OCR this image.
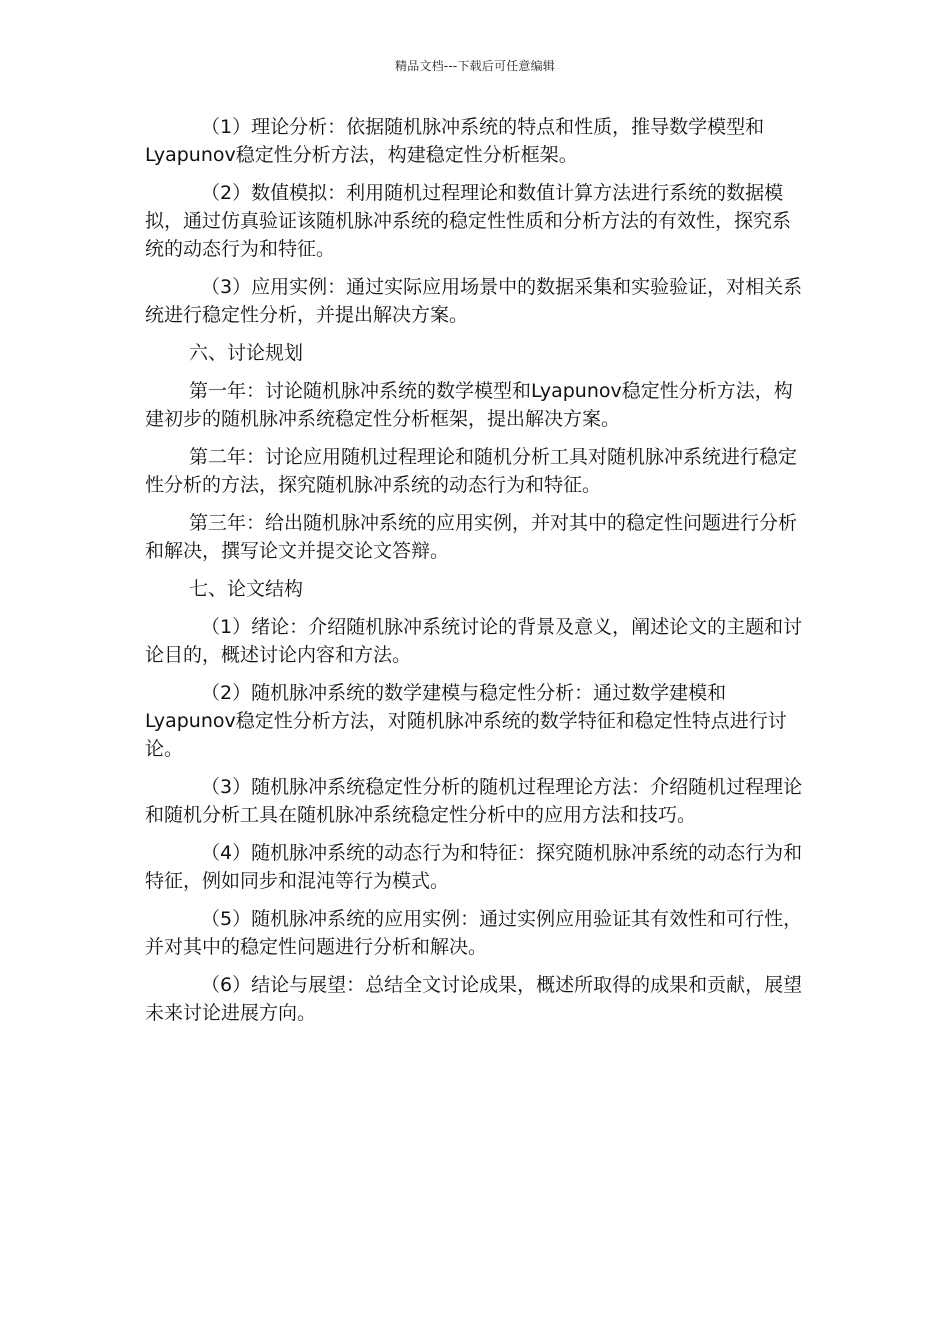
精品文档---下载后可任意编辑

（1）理论分析：依据随机脉冲系统的特点和性质，推导数学模型和Lyapunov稳定性分析方法，构建稳定性分析框架。

（2）数值模拟：利用随机过程理论和数值计算方法进行系统的数据模拟，通过仿真验证该随机脉冲系统的稳定性性质和分析方法的有效性，探究系统的动态行为和特征。

（3）应用实例：通过实际应用场景中的数据采集和实验验证，对相关系统进行稳定性分析，并提出解决方案。

六、讨论规划

第一年：讨论随机脉冲系统的数学模型和Lyapunov稳定性分析方法，构建初步的随机脉冲系统稳定性分析框架，提出解决方案。

第二年：讨论应用随机过程理论和随机分析工具对随机脉冲系统进行稳定性分析的方法，探究随机脉冲系统的动态行为和特征。

第三年：给出随机脉冲系统的应用实例，并对其中的稳定性问题进行分析和解决，撰写论文并提交论文答辩。

七、论文结构

（1）绪论：介绍随机脉冲系统讨论的背景及意义，阐述论文的主题和讨论目的，概述讨论内容和方法。

（2）随机脉冲系统的数学建模与稳定性分析：通过数学建模和Lyapunov稳定性分析方法，对随机脉冲系统的数学特征和稳定性特点进行讨论。

（3）随机脉冲系统稳定性分析的随机过程理论方法：介绍随机过程理论和随机分析工具在随机脉冲系统稳定性分析中的应用方法和技巧。

（4）随机脉冲系统的动态行为和特征：探究随机脉冲系统的动态行为和特征，例如同步和混沌等行为模式。

（5）随机脉冲系统的应用实例：通过实例应用验证其有效性和可行性，并对其中的稳定性问题进行分析和解决。

（6）结论与展望：总结全文讨论成果，概述所取得的成果和贡献，展望未来讨论进展方向。
